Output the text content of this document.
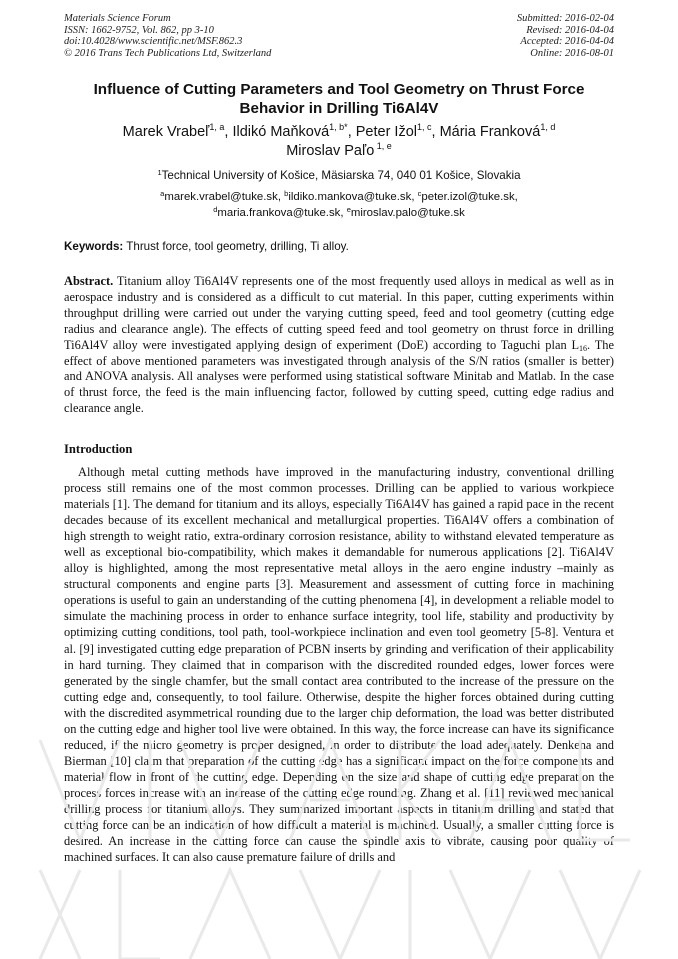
Materials Science Forum
ISSN: 1662-9752, Vol. 862, pp 3-10
doi:10.4028/www.scientific.net/MSF.862.3
© 2016 Trans Tech Publications Ltd, Switzerland
Submitted: 2016-02-04
Revised: 2016-04-04
Accepted: 2016-04-04
Online: 2016-08-01
Influence of Cutting Parameters and Tool Geometry on Thrust Force Behavior in Drilling Ti6Al4V
Marek Vrabeľ$^{1, a}$, Ildikó Maňková$^{1, b*}$, Peter Ižol$^{1, c}$, Mária Franková$^{1, d}$
Miroslav Paľo $^{1, e}$
$^1$Technical University of Košice, Mäsiarska 74, 040 01 Košice, Slovakia
$^a$marek.vrabel@tuke.sk, $^b$ildiko.mankova@tuke.sk, $^c$peter.izol@tuke.sk,
$^d$maria.frankova@tuke.sk, $^e$miroslav.palo@tuke.sk
Keywords: Thrust force, tool geometry, drilling, Ti alloy.
Abstract. Titanium alloy Ti6Al4V represents one of the most frequently used alloys in medical as well as in aerospace industry and is considered as a difficult to cut material. In this paper, cutting experiments within throughput drilling were carried out under the varying cutting speed, feed and tool geometry (cutting edge radius and clearance angle). The effects of cutting speed feed and tool geometry on thrust force in drilling Ti6Al4V alloy were investigated applying design of experiment (DoE) according to Taguchi plan $L_{16}$. The effect of above mentioned parameters was investigated through analysis of the S/N ratios (smaller is better) and ANOVA analysis. All analyses were performed using statistical software Minitab and Matlab. In the case of thrust force, the feed is the main influencing factor, followed by cutting speed, cutting edge radius and clearance angle.
Introduction

Although metal cutting methods have improved in the manufacturing industry, conventional drilling process still remains one of the most common processes. Drilling can be applied to various workpiece materials [1]. The demand for titanium and its alloys, especially Ti6Al4V has gained a rapid pace in the recent decades because of its excellent mechanical and metallurgical properties. Ti6Al4V offers a combination of high strength to weight ratio, extra-ordinary corrosion resistance, ability to withstand elevated temperature as well as exceptional bio-compatibility, which makes it demandable for numerous applications [2]. Ti6Al4V alloy is highlighted, among the most representative metal alloys in the aero engine industry –mainly as structural components and engine parts [3]. Measurement and assessment of cutting force in machining operations is useful to gain an understanding of the cutting phenomena [4], in development a reliable model to simulate the machining process in order to enhance surface integrity, tool life, stability and productivity by optimizing cutting conditions, tool path, tool-workpiece inclination and even tool geometry [5-8]. Ventura et al. [9] investigated cutting edge preparation of PCBN inserts by grinding and verification of their applicability in hard turning. They claimed that in comparison with the discredited rounded edges, lower forces were generated by the single chamfer, but the small contact area contributed to the increase of the pressure on the cutting edge and, consequently, to tool failure. Otherwise, despite the higher forces obtained during cutting with the discredited asymmetrical rounding due to the larger chip deformation, the load was better distributed on the cutting edge and higher tool live were obtained. In this way, the force increase can have its significance reduced, if the micro geometry is proper designed, in order to distribute the load adequately. Denkena and Bierman [10] claim that preparation of the cutting edge has a significant impact on the force components and material flow in front of the cutting edge. Depending on the size and shape of cutting edge preparation the process forces increase with an increase of the cutting edge rounding. Zhang et al. [11] reviewed mechanical drilling process for titanium alloys. They summarized important aspects in titanium drilling and stated that cutting force can be an indication of how difficult a material is machined. Usually, a smaller cutting force is desired. An increase in the cutting force can cause the spindle axis to vibrate, causing poor quality of machined surfaces. It can also cause premature failure of drills and
